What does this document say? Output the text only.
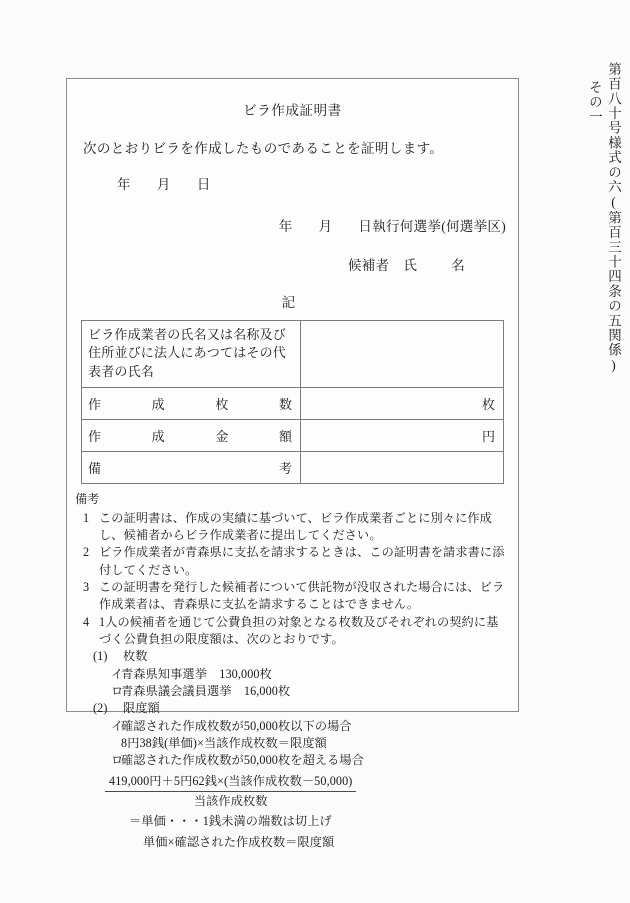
その一 第百八十号様式の六(第百三十四条の五関係)
ビラ作成証明書
次のとおりビラを作成したものであることを証明します。
年 月 日
年 月 日執行何選挙(何選挙区)
候補者 氏	名
記
ビラ作成業者の氏名又は名称及び住所並びに法人にあつてはその代表者の氏名	

作 成 枚 数	枚

作 成 金 額	円

備 考	

備考
1 この証明書は、作成の実績に基づいて、ビラ作成業者ごとに別々に作成し、候補者からビラ作成業者に提出してください。
2 ビラ作成業者が青森県に支払を請求するときは、この証明書を請求書に添付してください。
3 この証明書を発行した候補者について供託物が没収された場合には、ビラ作成業者は、青森県に支払を請求することはできません。
4 1人の候補者を通じて公費負担の対象となる枚数及びそれぞれの契約に基づく公費負担の限度額は、次のとおりです。
(1)	枚数
イ
青森県知事選挙　130,000枚
ロ
青森県議会議員選挙　16,000枚
(2)	限度額
イ
確認された作成枚数が50,000枚以下の場合
8円38銭(単価)×当該作成枚数＝限度額
ロ
確認された作成枚数が50,000枚を超える場合
$\frac{\text{419,000円＋5円62銭×(当該作成枚数－50,000)}}{\text{当該作成枚数}}$
＝単価・・・1銭未満の端数は切上げ
単価×確認された作成枚数＝限度額
